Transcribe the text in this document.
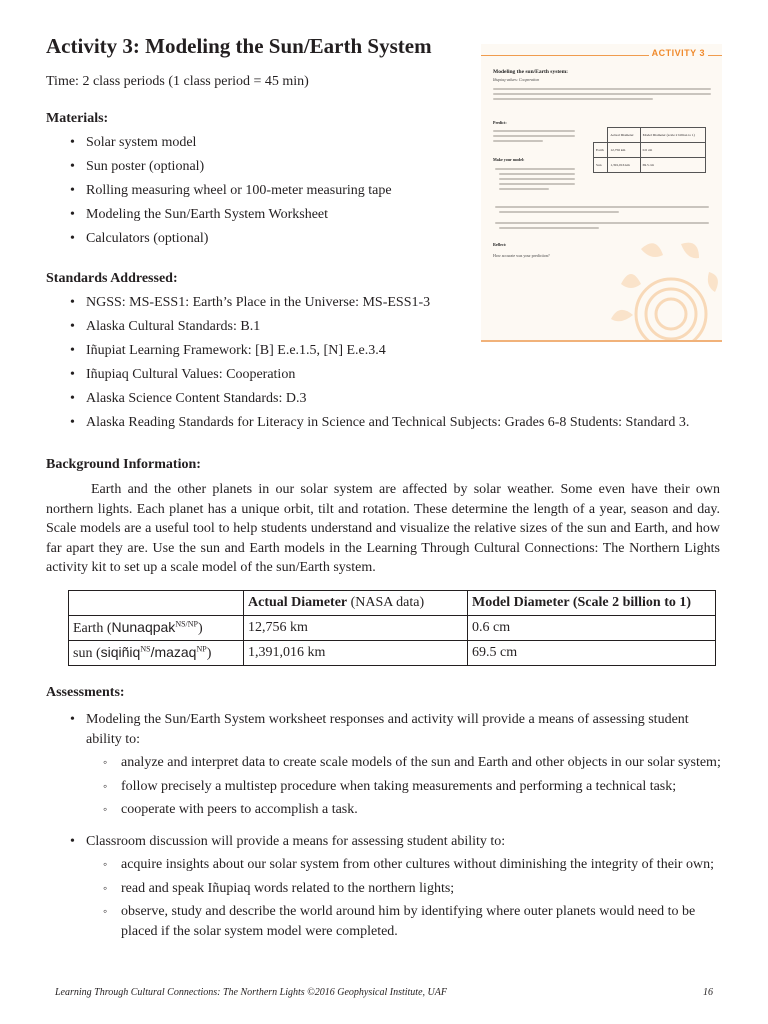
Activity 3: Modeling the Sun/Earth System
Time: 2 class periods (1 class period = 45 min)
Materials:
• Solar system model
• Sun poster (optional)
• Rolling measuring wheel or 100-meter measuring tape
• Modeling the Sun/Earth System Worksheet
• Calculators (optional)
Standards Addressed:
• NGSS: MS-ESS1: Earth’s Place in the Universe: MS-ESS1-3
• Alaska Cultural Standards: B.1
• Iñupiat Learning Framework: [B] E.e.1.5, [N] E.e.3.4
• Iñupiaq Cultural Values: Cooperation
• Alaska Science Content Standards: D.3
• Alaska Reading Standards for Literacy in Science and Technical Subjects: Grades 6-8 Students: Standard 3.
Background Information:
Earth and the other planets in our solar system are affected by solar weather. Some even have their own northern lights. Each planet has a unique orbit, tilt and rotation. These determine the length of a year, season and day. Scale models are a useful tool to help students understand and visualize the relative sizes of the sun and Earth, and how far apart they are. Use the sun and Earth models in the Learning Through Cultural Connections: The Northern Lights activity kit to set up a scale model of the sun/Earth system.
	Actual Diameter (NASA data)	Model Diameter (Scale 2 billion to 1)
Earth (Nunaqpak$^{NS/NP}$)	12,756 km	0.6 cm
sun (siqiñiq$^{NS}$/mazaq$^{NP}$)	1,391,016 km	69.5 cm
Assessments:
• Modeling the Sun/Earth System worksheet responses and activity will provide a means of assessing student ability to:
◦ analyze and interpret data to create scale models of the sun and Earth and other objects in our solar system;
◦ follow precisely a multistep procedure when taking measurements and performing a technical task;
◦ cooperate with peers to accomplish a task.
• Classroom discussion will provide a means for assessing student ability to:
◦ acquire insights about our solar system from other cultures without diminishing the integrity of their own;
◦ read and speak Iñupiaq words related to the northern lights;
◦ observe, study and describe the world around him by identifying where outer planets would need to be placed if the solar system model were completed.
Learning Through Cultural Connections: The Northern Lights ©2016 Geophysical Institute, UAF	16
ACTIVITY 3
Modeling the sun/Earth system:
Iñupiaq values: Cooperation
Predict:
Make your model:
	Actual Diameter	Model Diameter (scale 2 billion to 1)
Earth	12,756 km	0.6 cm
Sun	1,391,016 km	69.5 cm
Reflect:
How accurate was your prediction?
